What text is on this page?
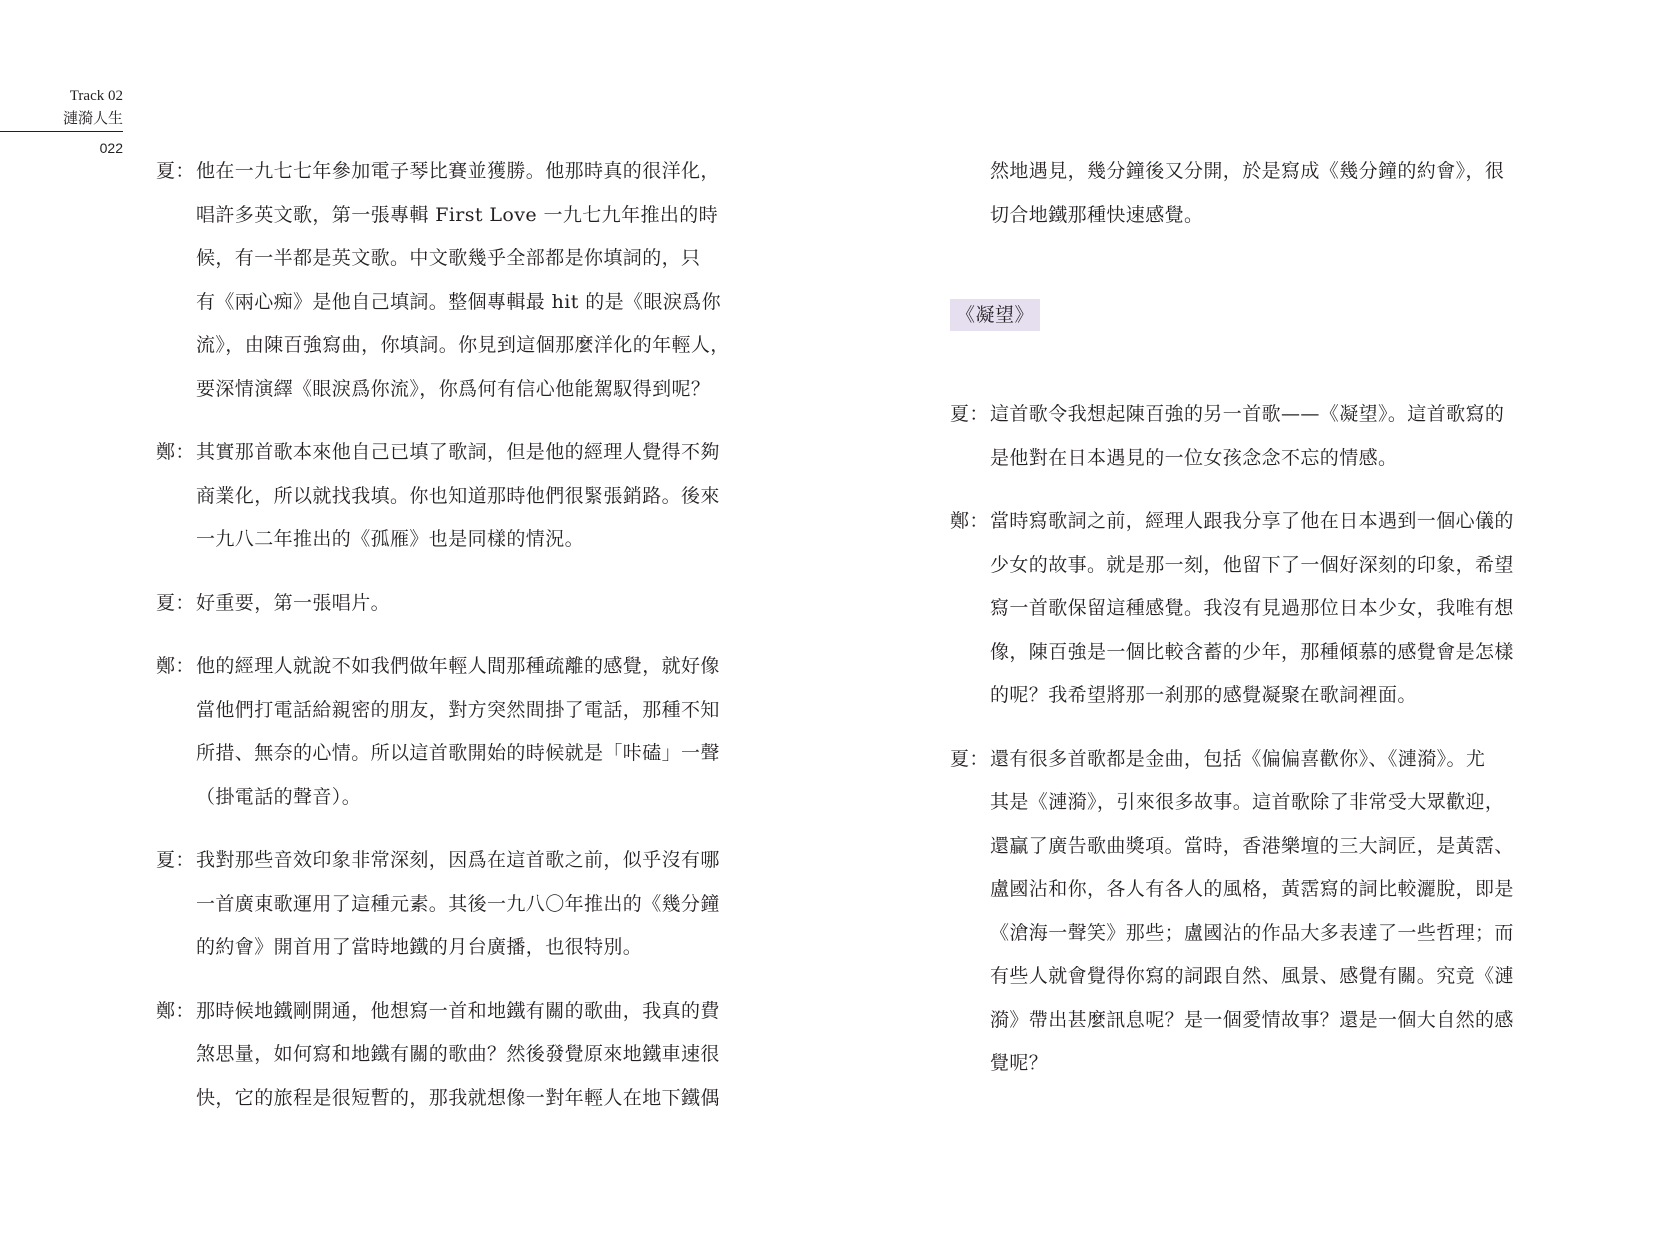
Track 02
漣漪人生
022
夏： 他在一九七七年參加電子琴比賽並獲勝。他那時真的很洋化，
唱許多英文歌，第一張專輯 First Love 一九七九年推出的時
候，有一半都是英文歌。中文歌幾乎全部都是你填詞的，只
有《兩心痴》是他自己填詞。整個專輯最 hit 的是《眼淚爲你
流》，由陳百強寫曲，你填詞。你見到這個那麼洋化的年輕人，
要深情演繹《眼淚爲你流》，你爲何有信心他能駕馭得到呢？
鄭： 其實那首歌本來他自己已填了歌詞，但是他的經理人覺得不夠
商業化，所以就找我填。你也知道那時他們很緊張銷路。後來
一九八二年推出的《孤雁》也是同樣的情況。
夏： 好重要，第一張唱片。
鄭： 他的經理人就說不如我們做年輕人間那種疏離的感覺，就好像
當他們打電話給親密的朋友，對方突然間掛了電話，那種不知
所措、無奈的心情。所以這首歌開始的時候就是「咔磕」一聲
（掛電話的聲音）。
夏： 我對那些音效印象非常深刻，因爲在這首歌之前，似乎沒有哪
一首廣東歌運用了這種元素。其後一九八〇年推出的《幾分鐘
的約會》開首用了當時地鐵的月台廣播，也很特別。
鄭： 那時候地鐵剛開通，他想寫一首和地鐵有關的歌曲，我真的費
煞思量，如何寫和地鐵有關的歌曲？然後發覺原來地鐵車速很
快，它的旅程是很短暫的，那我就想像一對年輕人在地下鐵偶
然地遇見，幾分鐘後又分開，於是寫成《幾分鐘的約會》，很
切合地鐵那種快速感覺。
《凝望》
夏： 這首歌令我想起陳百強的另一首歌——《凝望》。這首歌寫的
是他對在日本遇見的一位女孩念念不忘的情感。
鄭： 當時寫歌詞之前，經理人跟我分享了他在日本遇到一個心儀的
少女的故事。就是那一刻，他留下了一個好深刻的印象，希望
寫一首歌保留這種感覺。我沒有見過那位日本少女，我唯有想
像，陳百強是一個比較含蓄的少年，那種傾慕的感覺會是怎樣
的呢？我希望將那一刹那的感覺凝聚在歌詞裡面。
夏： 還有很多首歌都是金曲，包括《偏偏喜歡你》、《漣漪》。尤
其是《漣漪》，引來很多故事。這首歌除了非常受大眾歡迎，
還贏了廣告歌曲獎項。當時，香港樂壇的三大詞匠，是黃霑、
盧國沾和你，各人有各人的風格，黃霑寫的詞比較灑脫，即是
《滄海一聲笑》那些；盧國沾的作品大多表達了一些哲理；而
有些人就會覺得你寫的詞跟自然、風景、感覺有關。究竟《漣
漪》帶出甚麼訊息呢？是一個愛情故事？還是一個大自然的感
覺呢？
